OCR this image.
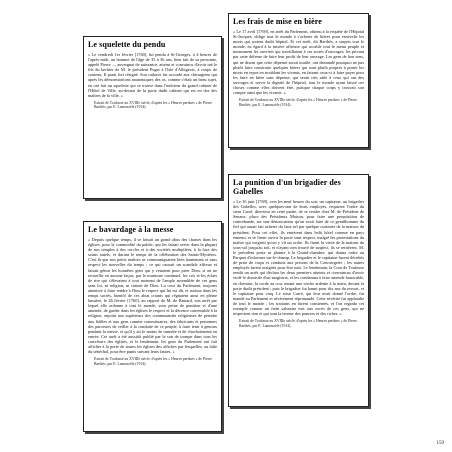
Le squelette du pendu

« Le vendredi 1er février [1760], fut pendu à St-Georges, à 4 heures de l'après-midi, un homme de l'âge de 35 à 36 ans, bien fait de sa personne, appelé Pierre ..., auvergnat de naissance, atteint et convaincu d'avoir tué le fils du berbier de M. le président Puget à l'Isle d'Albigeois, à coups de couteau. Il parut fort résigné. Son cadavre fut accordé aux chirurgiens qui après les démonstrations anatomiques des os, comme c'était un beau sujet, en ont fait un squelette qui se trouve dans l'intérieur du grand cabinet de l'Hôtel de Ville, au-dessus de la porte dudit cabinet qui est en dos des maîtres de la ville. »

Extrait de Toulouse au XVIIIe siècle, d'après les « Heures perdues » de Pierre Barthès, par E. Lamouzèle (1914).

Les frais de mise en bière

« Le 17 avril [1769], en arrêt du Parlement, obtenu à la requête de l'Hôpital St-Jacques, oblige tout le monde à s'acheter de bières pour ensevelir les morts qui sortent dudit hôpital. Et cet arrêt, dit Barthès, a surpris tout le monde, eu égard à la misère affreuse qui accable tout le menu peuple et notamment les ouvriers qui travaillaient à ces sortes d'ouvrages, les privant par cette défense de faire leur profit de leur ouvrage. Les gens de bon sens, qui ne disent que cette dépense serait inutile, ont demandé pourquoi ne pas plutôt faire construire quelques bières qui sont plutôt propres à porter les morts en repos en troublant les vivants, en faisant ceux-ci à faire payer pour les faire en bière sans dépense, qui serait très utile à ceux qui ont des ouvrages et servir la dignité de l'hôpital, tout le monde ayant laissé ces choses comme elles doivent être, puisque chaque corps y trouvait son compte ainsi que les vivants. »

Extrait de Toulouse au XVIIIe siècle, d'après les « Heures perdues » de Pierre Barthès, par E. Lamouzèle (1914).

Le bavardage à la messe

« Depuis quelque temps, il se faisait un grand abus des chaises dans les églises, pour la commodité du public, qui les faisait servir dans la plupart de nos temples à des cercles et à des sociétés multipliées, à la face des saints autels, et durant le temps de la célébration des Saints-Mystères. C'est là que nos petits maîtres se communiquaient bien hautement et sans respect les nouvelles du temps ; ce qui causait un scandale affreux et faisait gémir les honnêtes gens qui y venaient pour prier Dieu, si on ne recueillir en aucune façon, par le murmure continuel, les cris et les éclats de rire qui s'élevaient à tout moment de l'ample assemblée de ces gens sans foi, ni religion, ni crainte de Dieu. La cour du Parlement, toujours attentive à faire rendre à Dieu le respect qui lui est dû, et surtout dans les temps sacrés, bientôt de ces abus criants qui régnaient ainsi en pleine lumière, le 26 février [1760], au rapport de M. de Bastard, son arrêt par lequel elle ordonne à tout le monde, sous peine de punition et d'une amende, de garder dans les églises le respect et la décence convenable à la religion, enjoint aux supérieurs des communautés religieuses de prendre aux fidèles et aux gens comme commissaires, des fabricants et personnes des paroisses de veiller à la conduite de ce peuple, à faire tenir à genoux pendant la messe, et qu'il y ait le moins de tumulte et de chuchotement en entrée. Cet arrêt a été aussitôt publié par le son de trompe dans tous les carrefours des églises, et le lendemain, les gens du Parlement ont fait afficher à la porte de toutes les églises des affiches par lesquelles, au faîte du sénéchal, pour être punis suivant leurs fautes. »

Extrait de Toulouse au XVIIIe siècle, d'après les « Heures perdues » de Pierre Barthès, par E. Lamouzèle (1914).

La punition d'un brigadier des Gabelles

« Le 16 juin [1769], vers les neuf heures du soir, un capitaine, un brigadier des Gabelles, avec quelques-uns de leurs employés, requirent l'ordre du sieur Carré, directeur en cette partie, de se rendre chez M. de Président de Senaux, place des Présidents Maison, pour faire une perquisition de contrebande, sur une dénonciation qu'on avait faite de ce gentilhomme du fief qui aurait fait acheter du faux sel par quelque cuisinier de la maison du président. Pour cet effet, ils entrèrent dans ledit hôtel comme en pays ennemi, et se firent ouvrir la porte sans respect, malgré les protestations du maître qui exigeait qu'on y vît un ordre. Ils firent la visite de la maison du sous-sol jusqu'au toit, et n'ayant rien trouvé de suspect, ils se retirèrent. M. le président porta sa plainte à la Grand-chambre, qui donna ordre au Parquet d'informer sur-le-champ. Le brigadier et le capitaine furent décrétés de prise de corps et conduits aux prisons de la Conciergerie ; les autres employés furent assignés pour être ouïs. Le lendemain, la Cour de Toulouse rendit un arrêt qui déclara les deux premiers atteints et convaincus d'avoir violé le domicile d'un magistrat, et les condamna à faire amende honorable, en chemise, la corde au cou, tenant une torche ardente à la main, devant la porte dudit président ; puis le brigadier fut banni pour dix ans du ressort, et le capitaine pour cinq. Le sieur Carré, qui leur avait donné l'ordre, fut mandé au Parlement et sévèrement réprimandé. Cette sévérité fut applaudie de tout le monde ; les traitants en furent consternés, et l'on regarda cet exemple comme un frein salutaire mis aux excès de ces gens, qui ne respectent rien et qui sont la terreur des pauvres et des riches. »

Extrait de Toulouse au XVIIIe siècle, d'après les « Heures perdues » de Pierre Barthès, par E. Lamouzèle (1914).

159
